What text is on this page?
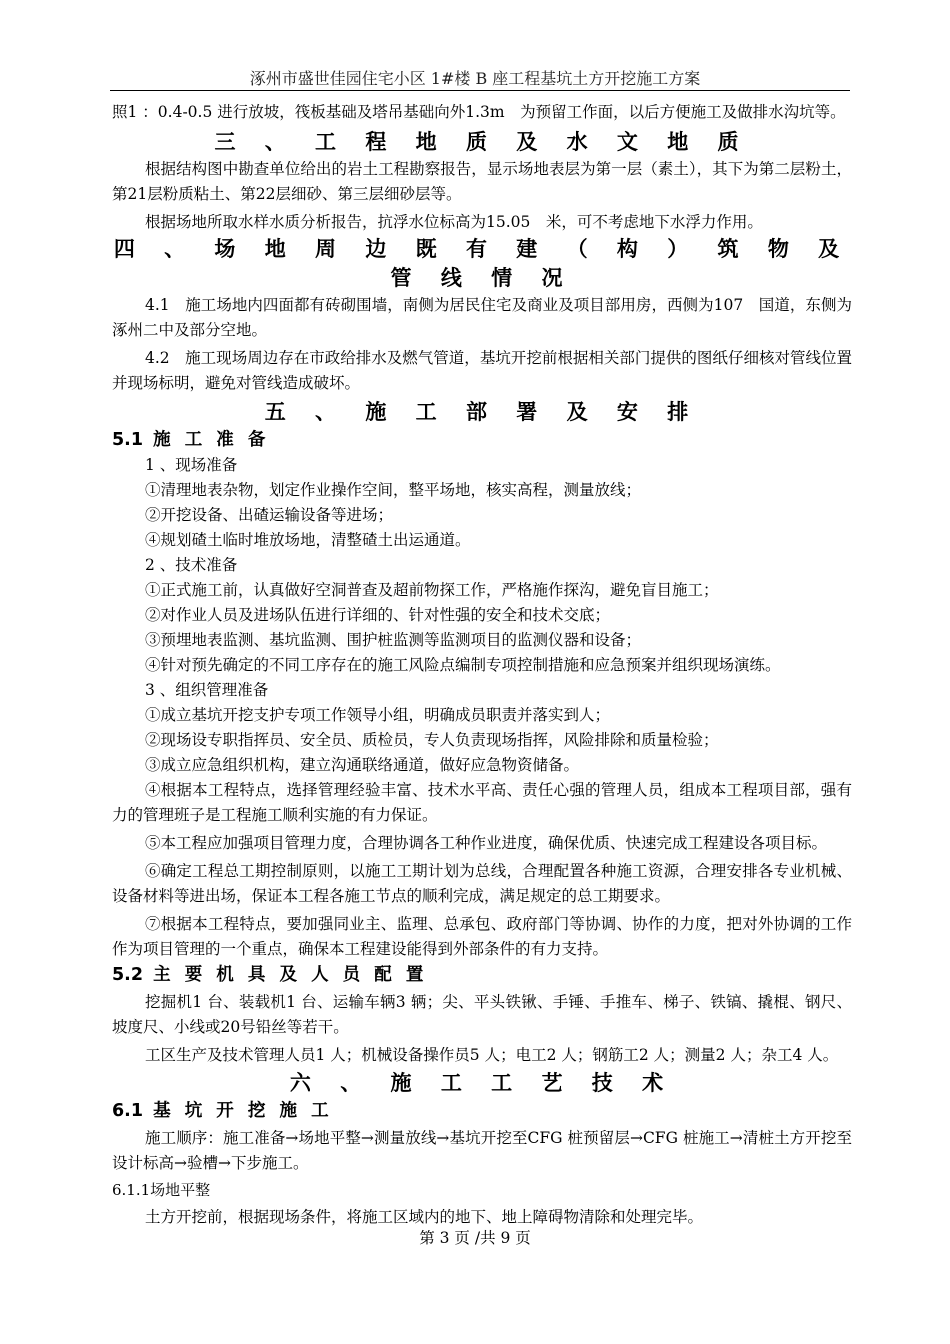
涿州市盛世佳园住宅小区 1#楼 B 座工程基坑土方开挖施工方案

照1 ：0.4-0.5 进行放坡，筏板基础及塔吊基础向外1.3m　为预留工作面，以后方便施工及做排水沟坑等。

三 、 工 程 地 质 及 水 文 地 质

根据结构图中勘查单位给出的岩土工程勘察报告，显示场地表层为第一层（素土），其下为第二层粉土，第21层粉质粘土、第22层细砂、第三层细砂层等。

根据场地所取水样水质分析报告，抗浮水位标高为15.05　米，可不考虑地下水浮力作用。

四 、 场 地 周 边 既 有 建 （ 构 ） 筑 物 及 管 线 情 况

4.1　施工场地内四面都有砖砌围墙，南侧为居民住宅及商业及项目部用房，西侧为107　国道，东侧为涿州二中及部分空地。

4.2　施工现场周边存在市政给排水及燃气管道，基坑开挖前根据相关部门提供的图纸仔细核对管线位置并现场标明，避免对管线造成破坏。

五 、 施 工 部 署 及 安 排
5.1 施 工 准 备

1 、现场准备

①清理地表杂物，划定作业操作空间，整平场地，核实高程，测量放线；

②开挖设备、出碴运输设备等进场；

④规划碴土临时堆放场地，清整碴土出运通道。

2 、技术准备

①正式施工前，认真做好空洞普查及超前物探工作，严格施作探沟，避免盲目施工；

②对作业人员及进场队伍进行详细的、针对性强的安全和技术交底；

③预埋地表监测、基坑监测、围护桩监测等监测项目的监测仪器和设备；

④针对预先确定的不同工序存在的施工风险点编制专项控制措施和应急预案并组织现场演练。

3 、组织管理准备

①成立基坑开挖支护专项工作领导小组，明确成员职责并落实到人；

②现场设专职指挥员、安全员、质检员，专人负责现场指挥，风险排除和质量检验；

③成立应急组织机构，建立沟通联络通道，做好应急物资储备。

④根据本工程特点，选择管理经验丰富、技术水平高、责任心强的管理人员，组成本工程项目部，强有力的管理班子是工程施工顺利实施的有力保证。

⑤本工程应加强项目管理力度，合理协调各工种作业进度，确保优质、快速完成工程建设各项目标。

⑥确定工程总工期控制原则，以施工工期计划为总线，合理配置各种施工资源，合理安排各专业机械、设备材料等进出场，保证本工程各施工节点的顺利完成，满足规定的总工期要求。

⑦根据本工程特点，要加强同业主、监理、总承包、政府部门等协调、协作的力度，把对外协调的工作作为项目管理的一个重点，确保本工程建设能得到外部条件的有力支持。

5.2 主 要 机 具 及 人 员 配 置

挖掘机1 台、装载机1 台、运输车辆3 辆；尖、平头铁锹、手锤、手推车、梯子、铁镐、撬棍、钢尺、坡度尺、小线或20号铅丝等若干。

工区生产及技术管理人员1 人；机械设备操作员5 人；电工2 人；钢筋工2 人；测量2 人；杂工4 人。

六 、 施 工 工 艺 技 术
6.1 基 坑 开 挖 施 工

施工顺序：施工准备→场地平整→测量放线→基坑开挖至CFG 桩预留层→CFG 桩施工→清桩土方开挖至设计标高→验槽→下步施工。

6.1.1场地平整

土方开挖前，根据现场条件，将施工区域内的地下、地上障碍物清除和处理完毕。

第 3 页 /共 9 页
